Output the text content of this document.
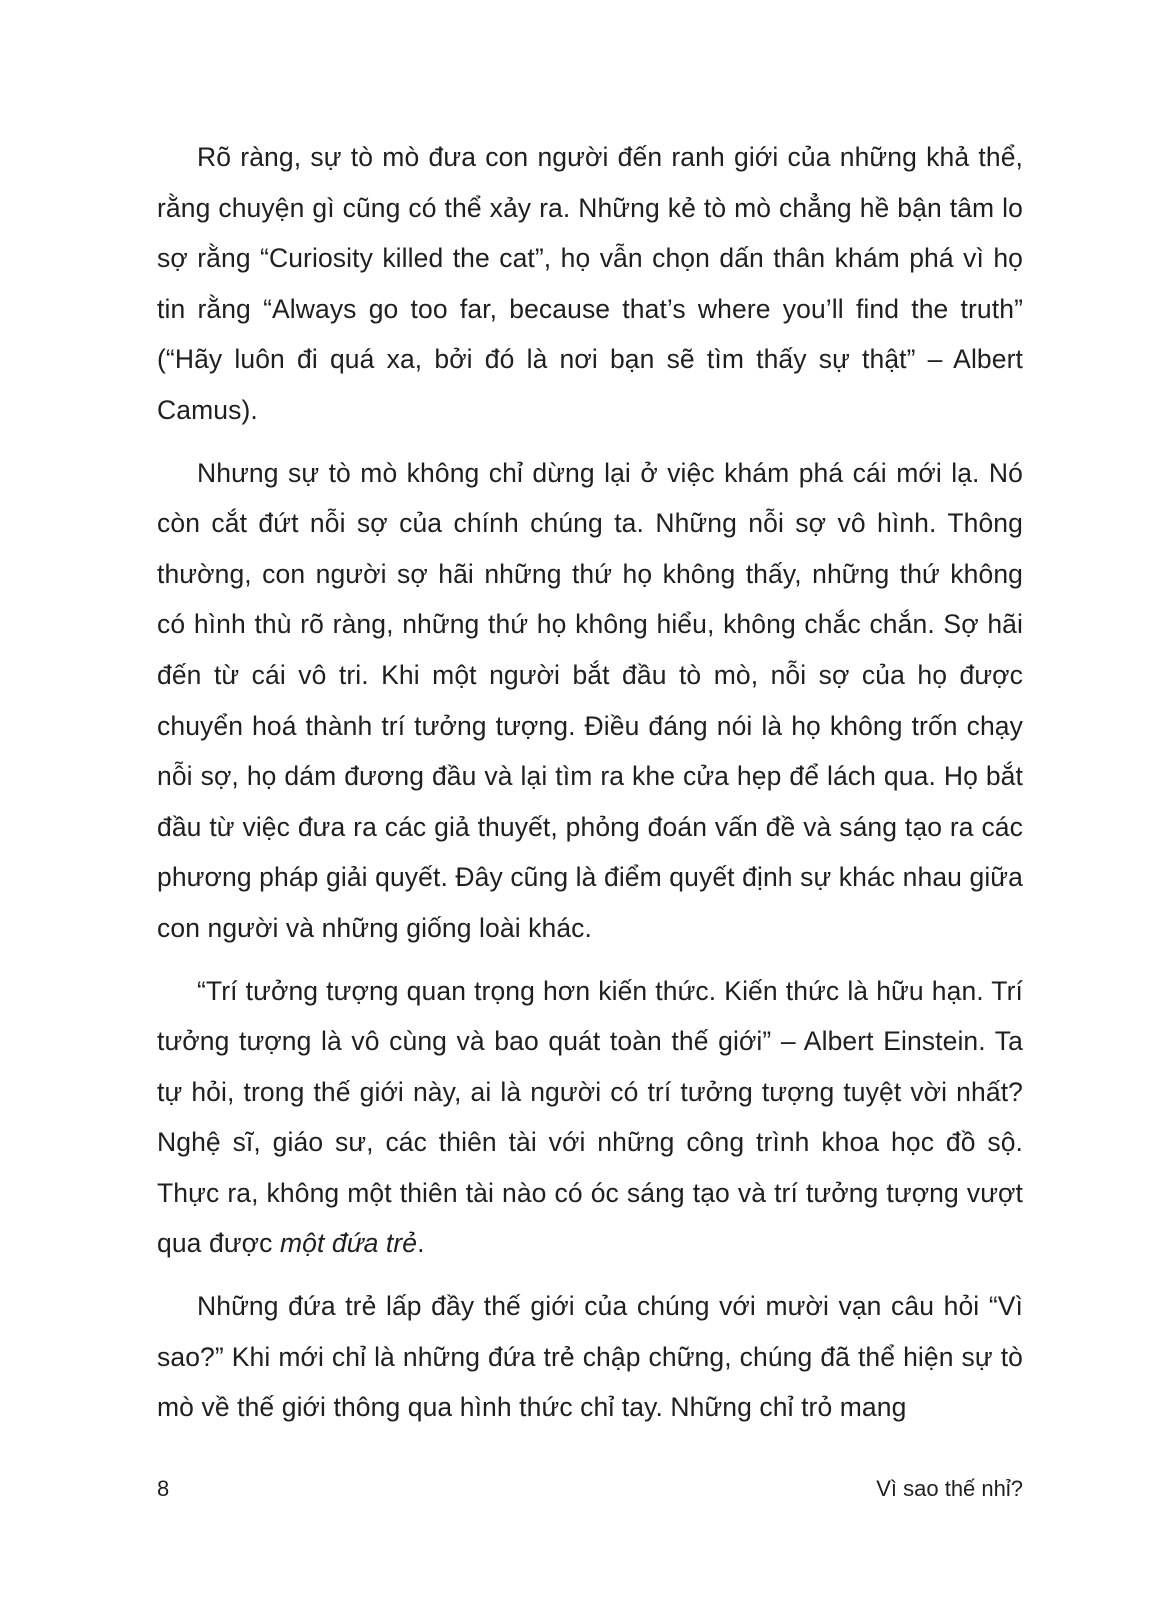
Rõ ràng, sự tò mò đưa con người đến ranh giới của những khả thể, rằng chuyện gì cũng có thể xảy ra. Những kẻ tò mò chẳng hề bận tâm lo sợ rằng “Curiosity killed the cat”, họ vẫn chọn dấn thân khám phá vì họ tin rằng “Always go too far, because that’s where you’ll find the truth” (“Hãy luôn đi quá xa, bởi đó là nơi bạn sẽ tìm thấy sự thật” – Albert Camus).

Nhưng sự tò mò không chỉ dừng lại ở việc khám phá cái mới lạ. Nó còn cắt đứt nỗi sợ của chính chúng ta. Những nỗi sợ vô hình. Thông thường, con người sợ hãi những thứ họ không thấy, những thứ không có hình thù rõ ràng, những thứ họ không hiểu, không chắc chắn. Sợ hãi đến từ cái vô tri. Khi một người bắt đầu tò mò, nỗi sợ của họ được chuyển hoá thành trí tưởng tượng. Điều đáng nói là họ không trốn chạy nỗi sợ, họ dám đương đầu và lại tìm ra khe cửa hẹp để lách qua. Họ bắt đầu từ việc đưa ra các giả thuyết, phỏng đoán vấn đề và sáng tạo ra các phương pháp giải quyết. Đây cũng là điểm quyết định sự khác nhau giữa con người và những giống loài khác.

“Trí tưởng tượng quan trọng hơn kiến thức. Kiến thức là hữu hạn. Trí tưởng tượng là vô cùng và bao quát toàn thế giới” – Albert Einstein. Ta tự hỏi, trong thế giới này, ai là người có trí tưởng tượng tuyệt vời nhất? Nghệ sĩ, giáo sư, các thiên tài với những công trình khoa học đồ sộ. Thực ra, không một thiên tài nào có óc sáng tạo và trí tưởng tượng vượt qua được một đứa trẻ.

Những đứa trẻ lấp đầy thế giới của chúng với mười vạn câu hỏi “Vì sao?” Khi mới chỉ là những đứa trẻ chập chững, chúng đã thể hiện sự tò mò về thế giới thông qua hình thức chỉ tay. Những chỉ trỏ mang

8	Vì sao thế nhỉ?
